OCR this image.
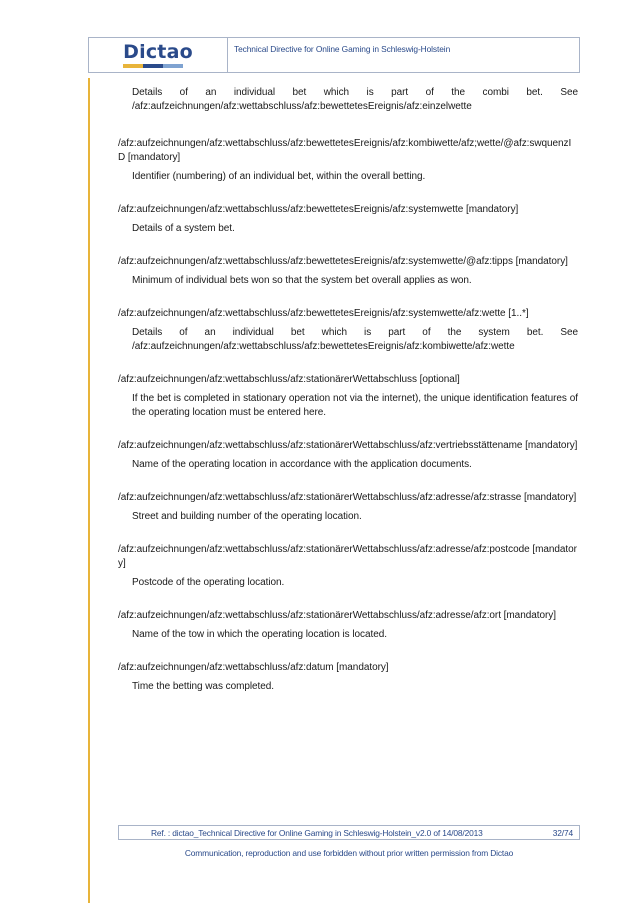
Dictao	Technical Directive for Online Gaming in Schleswig-Holstein

Details of an individual bet which is part of the combi bet. See /afz:aufzeichnungen/afz:wettabschluss/afz:bewettetesEreignis/afz:einzelwette

/afz:aufzeichnungen/afz:wettabschluss/afz:bewettetesEreignis/afz:kombiwette/afz;wette/@afz:swquenzID [mandatory]

Identifier (numbering) of an individual bet, within the overall betting.

/afz:aufzeichnungen/afz:wettabschluss/afz:bewettetesEreignis/afz:systemwette [mandatory]

Details of a system bet.

/afz:aufzeichnungen/afz:wettabschluss/afz:bewettetesEreignis/afz:systemwette/@afz:tipps [mandatory]

Minimum of individual bets won so that the system bet overall applies as won.

/afz:aufzeichnungen/afz:wettabschluss/afz:bewettetesEreignis/afz:systemwette/afz:wette [1..*]

Details of an individual bet which is part of the system bet. See /afz:aufzeichnungen/afz:wettabschluss/afz:bewettetesEreignis/afz:kombiwette/afz:wette

/afz:aufzeichnungen/afz:wettabschluss/afz:stationärerWettabschluss [optional]

If the bet is completed in stationary operation not via the internet), the unique identification features of the operating location must be entered here.

/afz:aufzeichnungen/afz:wettabschluss/afz:stationärerWettabschluss/afz:vertriebsstättename [mandatory]

Name of the operating location in accordance with the application documents.

/afz:aufzeichnungen/afz:wettabschluss/afz:stationärerWettabschluss/afz:adresse/afz:strasse [mandatory]

Street and building number of the operating location.

/afz:aufzeichnungen/afz:wettabschluss/afz:stationärerWettabschluss/afz:adresse/afz:postcode [mandatory]

Postcode of the operating location.

/afz:aufzeichnungen/afz:wettabschluss/afz:stationärerWettabschluss/afz:adresse/afz:ort [mandatory]

Name of the tow in which the operating location is located.

/afz:aufzeichnungen/afz:wettabschluss/afz:datum [mandatory]

Time the betting was completed.

Ref. : dictao_Technical Directive for Online Gaming in Schleswig-Holstein_v2.0 of 14/08/2013	32/74
Communication, reproduction and use forbidden without prior written permission from Dictao
